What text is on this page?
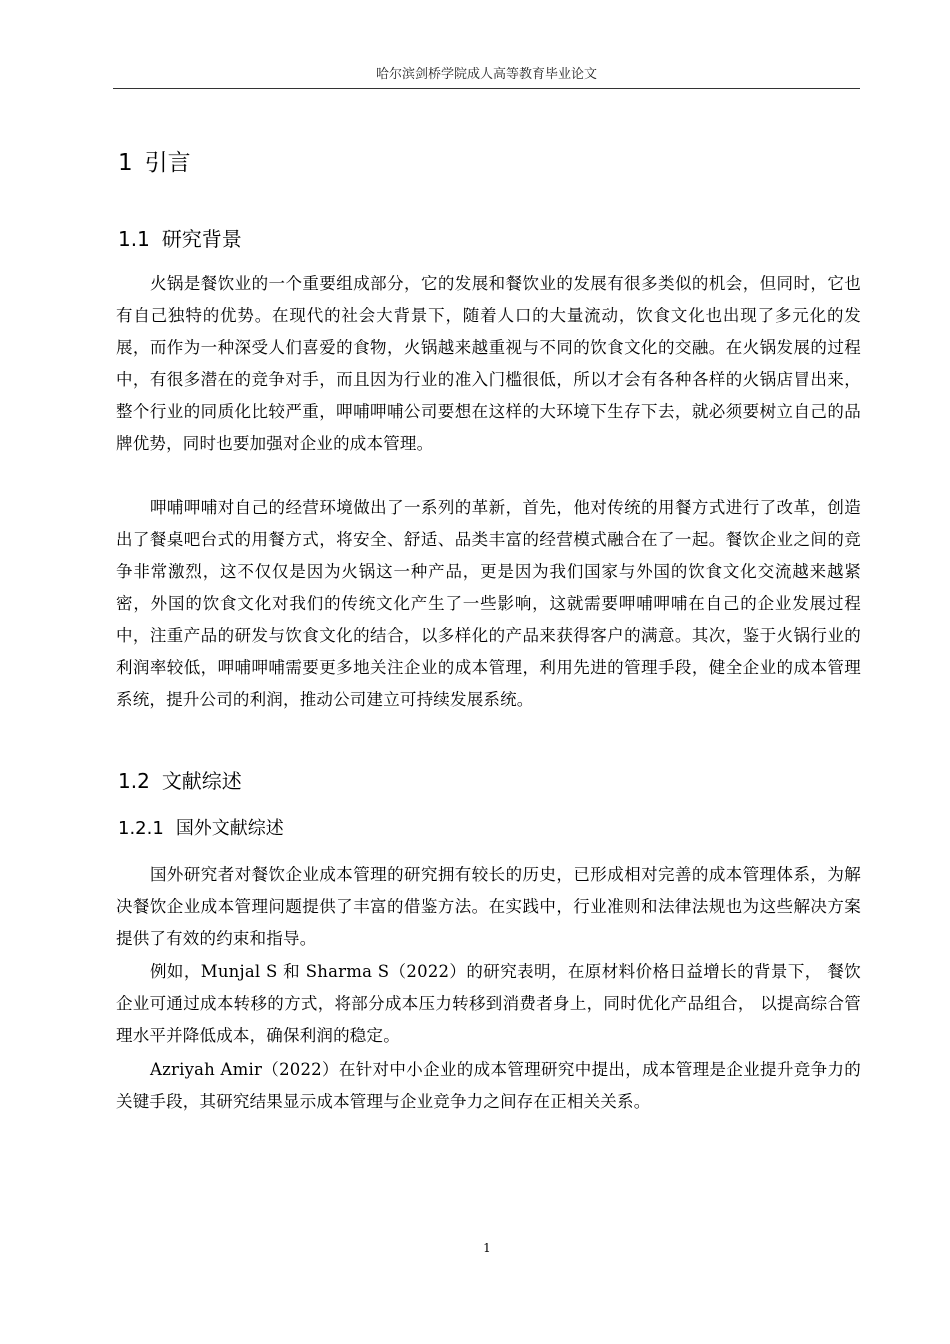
哈尔滨剑桥学院成人高等教育毕业论文
1 引言
1.1 研究背景

火锅是餐饮业的一个重要组成部分，它的发展和餐饮业的发展有很多类似的机会，但同时，它也有自己独特的优势。在现代的社会大背景下，随着人口的大量流动，饮食文化也出现了多元化的发展，而作为一种深受人们喜爱的食物，火锅越来越重视与不同的饮食文化的交融。在火锅发展的过程中，有很多潜在的竞争对手，而且因为行业的准入门槛很低，所以才会有各种各样的火锅店冒出来，整个行业的同质化比较严重，呷哺呷哺公司要想在这样的大环境下生存下去，就必须要树立自己的品牌优势，同时也要加强对企业的成本管理。

呷哺呷哺对自己的经营环境做出了一系列的革新，首先，他对传统的用餐方式进行了改革，创造出了餐桌吧台式的用餐方式，将安全、舒适、品类丰富的经营模式融合在了一起。餐饮企业之间的竞争非常激烈，这不仅仅是因为火锅这一种产品，更是因为我们国家与外国的饮食文化交流越来越紧密，外国的饮食文化对我们的传统文化产生了一些影响，这就需要呷哺呷哺在自己的企业发展过程中，注重产品的研发与饮食文化的结合，以多样化的产品来获得客户的满意。其次，鉴于火锅行业的利润率较低，呷哺呷哺需要更多地关注企业的成本管理，利用先进的管理手段，健全企业的成本管理系统，提升公司的利润，推动公司建立可持续发展系统。

1.2 文献综述
1.2.1 国外文献综述

国外研究者对餐饮企业成本管理的研究拥有较长的历史，已形成相对完善的成本管理体系，为解决餐饮企业成本管理问题提供了丰富的借鉴方法。在实践中，行业准则和法律法规也为这些解决方案提供了有效的约束和指导。

例如，Munjal S 和 Sharma S（2022）的研究表明，在原材料价格日益增长的背景下， 餐饮企业可通过成本转移的方式，将部分成本压力转移到消费者身上，同时优化产品组合， 以提高综合管理水平并降低成本，确保利润的稳定。

Azriyah Amir（2022）在针对中小企业的成本管理研究中提出，成本管理是企业提升竞争力的关键手段，其研究结果显示成本管理与企业竞争力之间存在正相关关系。

1
